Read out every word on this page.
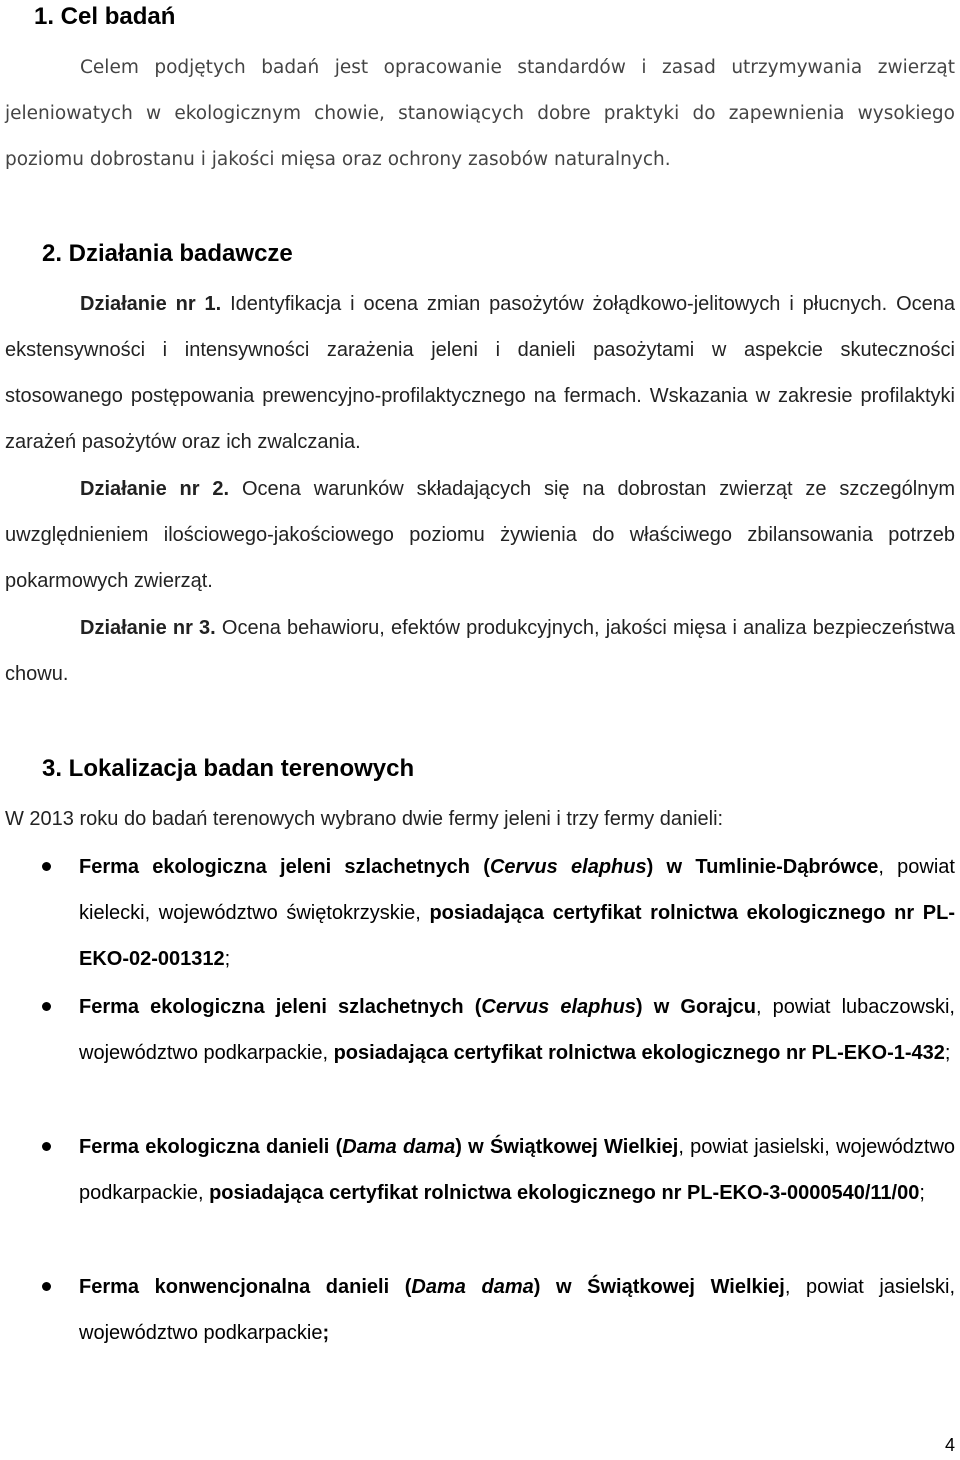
1. Cel badań

Celem podjętych badań jest opracowanie standardów i zasad utrzymywania zwierząt jeleniowatych w ekologicznym chowie, stanowiących dobre praktyki do zapewnienia wysokiego poziomu dobrostanu i jakości mięsa oraz ochrony zasobów naturalnych.

2. Działania badawcze

Działanie nr 1. Identyfikacja i ocena zmian pasożytów żołądkowo-jelitowych i płucnych. Ocena ekstensywności i intensywności zarażenia jeleni i danieli pasożytami w aspekcie skuteczności stosowanego postępowania prewencyjno-profilaktycznego na fermach. Wskazania w zakresie profilaktyki zarażeń pasożytów oraz ich zwalczania.

Działanie nr 2. Ocena warunków składających się na dobrostan zwierząt ze szczególnym uwzględnieniem ilościowego-jakościowego poziomu żywienia do właściwego zbilansowania potrzeb pokarmowych zwierząt.

Działanie nr 3. Ocena behawioru, efektów produkcyjnych, jakości mięsa i analiza bezpieczeństwa chowu.

3. Lokalizacja badan terenowych

W 2013 roku do badań terenowych wybrano dwie fermy jeleni i trzy fermy danieli:

Ferma ekologiczna jeleni szlachetnych (Cervus elaphus) w Tumlinie-Dąbrówce, powiat kielecki, województwo świętokrzyskie, posiadająca certyfikat rolnictwa ekologicznego nr PL-EKO-02-001312;

Ferma ekologiczna jeleni szlachetnych (Cervus elaphus) w Gorajcu, powiat lubaczowski, województwo podkarpackie, posiadająca certyfikat rolnictwa ekologicznego nr PL-EKO-1-432;

Ferma ekologiczna danieli (Dama dama) w Świątkowej Wielkiej, powiat jasielski, województwo podkarpackie, posiadająca certyfikat rolnictwa ekologicznego nr PL-EKO-3-0000540/11/00;

Ferma konwencjonalna danieli (Dama dama) w Świątkowej Wielkiej, powiat jasielski, województwo podkarpackie;

4
